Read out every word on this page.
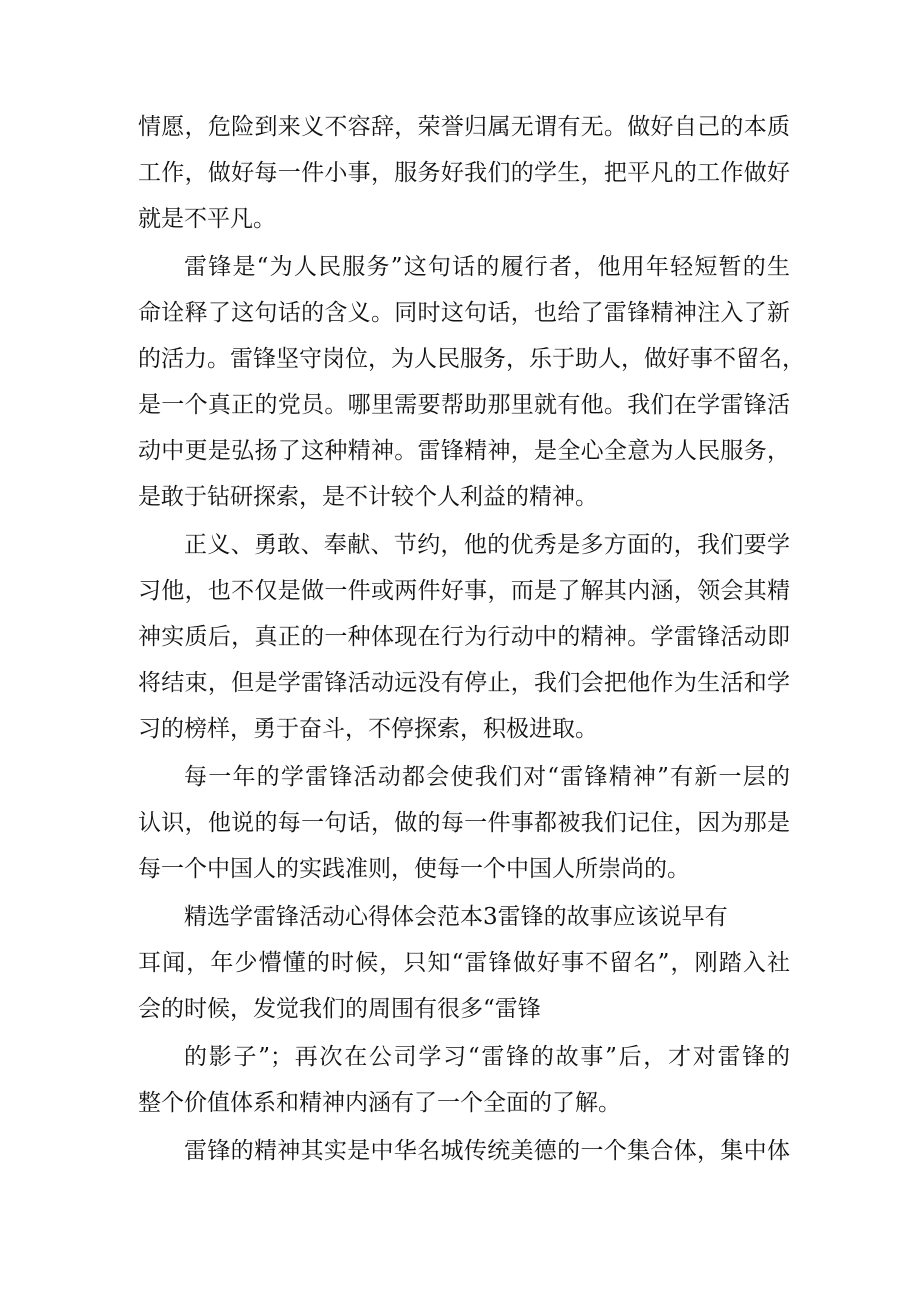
情愿，危险到来义不容辞，荣誉归属无谓有无。做好自己的本质
工作，做好每一件小事，服务好我们的学生，把平凡的工作做好
就是不平凡。
雷锋是“为人民服务”这句话的履行者，他用年轻短暂的生
命诠释了这句话的含义。同时这句话，也给了雷锋精神注入了新
的活力。雷锋坚守岗位，为人民服务，乐于助人，做好事不留名，
是一个真正的党员。哪里需要帮助那里就有他。我们在学雷锋活
动中更是弘扬了这种精神。雷锋精神，是全心全意为人民服务，
是敢于钻研探索，是不计较个人利益的精神。
正义、勇敢、奉献、节约，他的优秀是多方面的，我们要学
习他，也不仅是做一件或两件好事，而是了解其内涵，领会其精
神实质后，真正的一种体现在行为行动中的精神。学雷锋活动即
将结束，但是学雷锋活动远没有停止，我们会把他作为生活和学
习的榜样，勇于奋斗，不停探索，积极进取。
每一年的学雷锋活动都会使我们对“雷锋精神”有新一层的
认识，他说的每一句话，做的每一件事都被我们记住，因为那是
每一个中国人的实践准则，使每一个中国人所崇尚的。
精选学雷锋活动心得体会范本3雷锋的故事应该说早有
耳闻，年少懵懂的时候，只知“雷锋做好事不留名”，刚踏入社
会的时候，发觉我们的周围有很多“雷锋
的影子”；再次在公司学习“雷锋的故事”后，才对雷锋的
整个价值体系和精神内涵有了一个全面的了解。
雷锋的精神其实是中华名城传统美德的一个集合体，集中体
